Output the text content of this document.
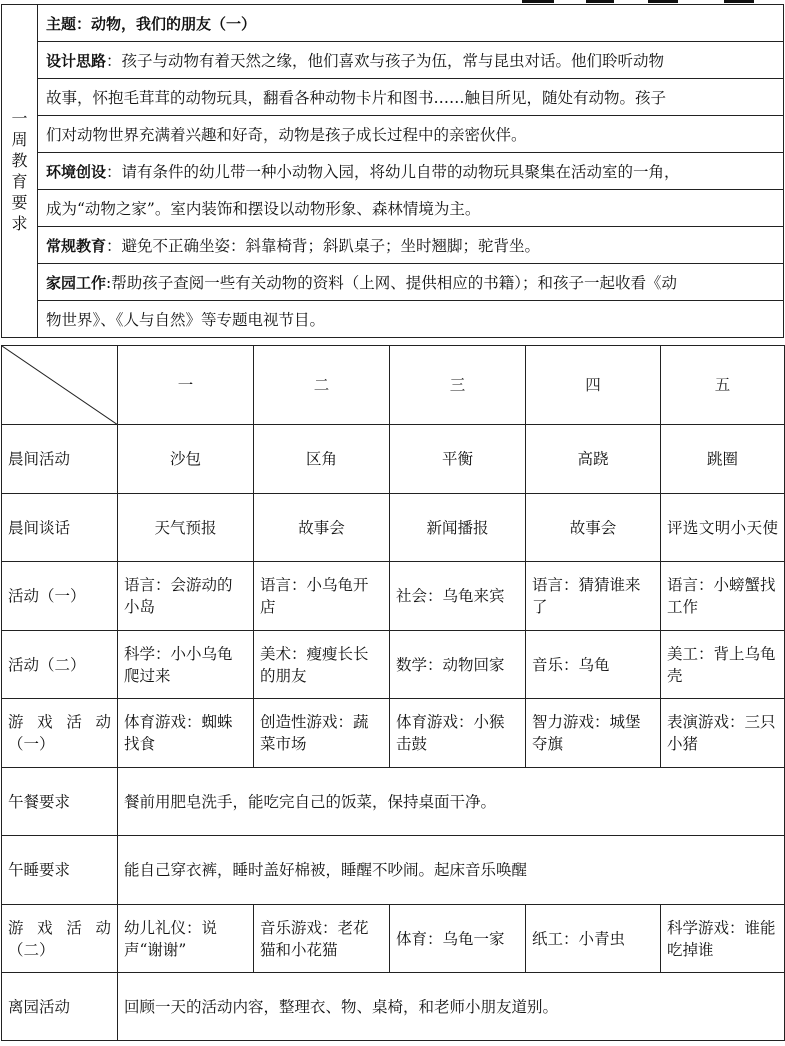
一
周
教
育
要
求
	主题：动物，我们的朋友（一）
设计思路：孩子与动物有着天然之缘，他们喜欢与孩子为伍，常与昆虫对话。他们聆听动物
故事，怀抱毛茸茸的动物玩具，翻看各种动物卡片和图书……触目所见，随处有动物。孩子
们对动物世界充满着兴趣和好奇，动物是孩子成长过程中的亲密伙伴。
环境创设：请有条件的幼儿带一种小动物入园，将幼儿自带的动物玩具聚集在活动室的一角，
成为“动物之家”。室内装饰和摆设以动物形象、森林情境为主。
常规教育：避免不正确坐姿：斜靠椅背；斜趴桌子；坐时翘脚；驼背坐。
家园工作:帮助孩子查阅一些有关动物的资料（上网、提供相应的书籍）；和孩子一起收看《动
物世界》、《人与自然》等专题电视节目。
	一	二	三	四	五
晨间活动	沙包	区角	平衡	高跷	跳圈
晨间谈话	天气预报	故事会	新闻播报	故事会	评选文明小天使
活动（一）	语言：会游动的小岛	语言：小乌龟开店	社会：乌龟来宾	语言：猜猜谁来了	语言：小螃蟹找工作
活动（二）	科学：小小乌龟爬过来	美术：瘦瘦长长的朋友	数学：动物回家	音乐：乌龟	美工：背上乌龟壳

游戏活动
（一）	体育游戏：蜘蛛找食	创造性游戏：蔬菜市场	体育游戏：小猴击鼓	智力游戏：城堡夺旗	表演游戏：三只小猪
午餐要求	餐前用肥皂洗手，能吃完自己的饭菜，保持桌面干净。				
午睡要求	能自己穿衣裤，睡时盖好棉被，睡醒不吵闹。起床音乐唤醒				

游戏活动
（二）	幼儿礼仪：说声“谢谢”	音乐游戏：老花猫和小花猫	体育：乌龟一家	纸工：小青虫	科学游戏：谁能吃掉谁
离园活动	回顾一天的活动内容，整理衣、物、桌椅，和老师小朋友道别。				
